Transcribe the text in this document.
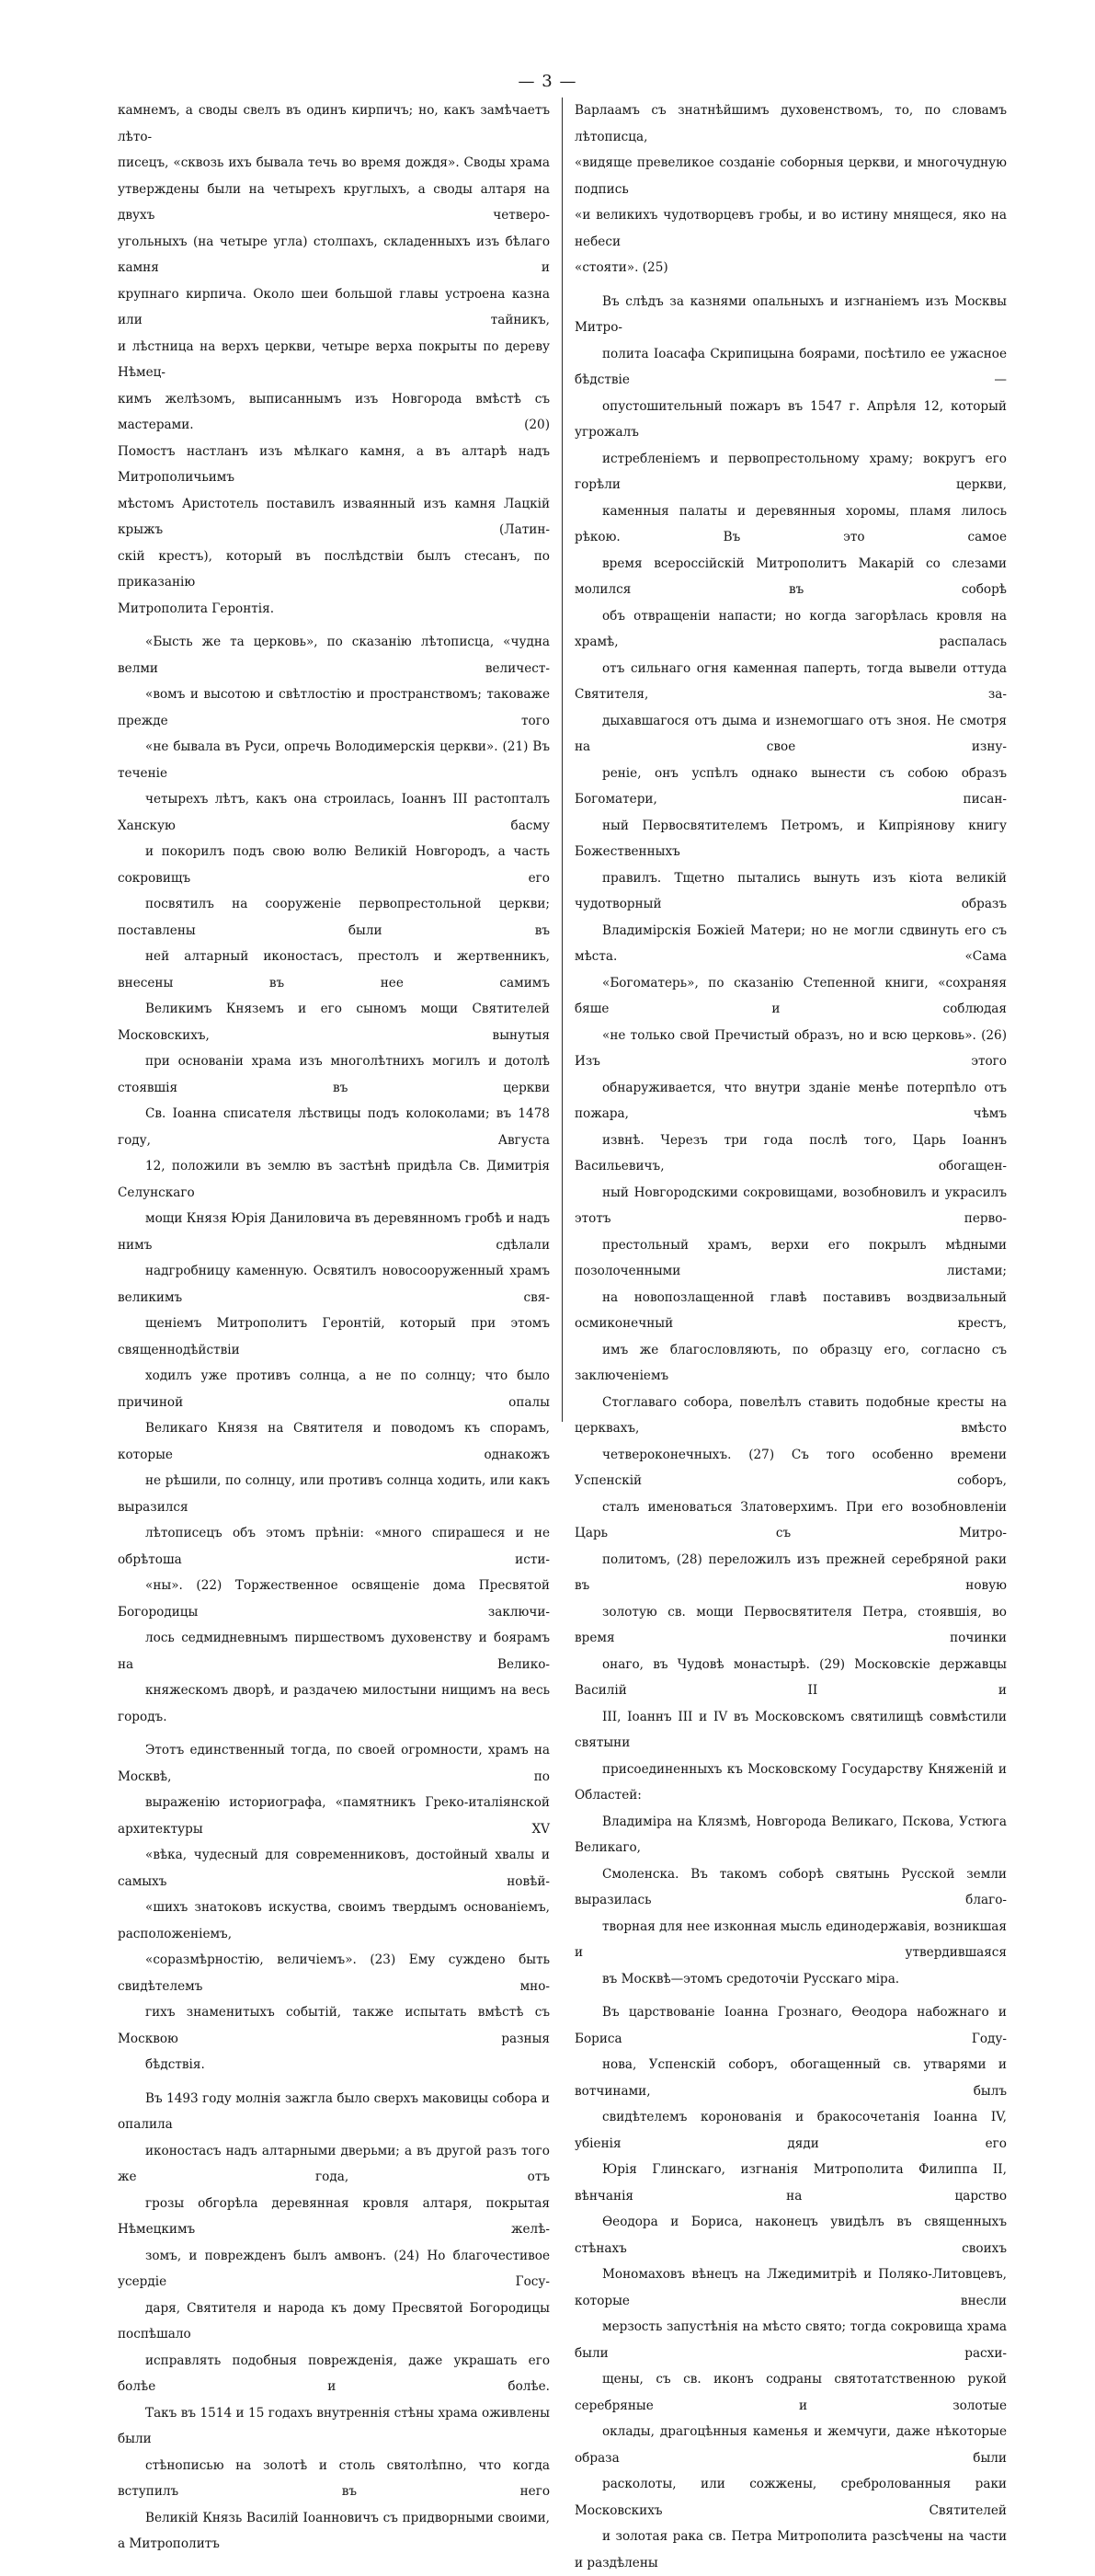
— 3 —

камнемъ, а своды свелъ въ одинъ кирпичъ; но, какъ замѣчаетъ лѣто-
писецъ, «сквозь ихъ бывала течь во время дождя». Своды храма
утверждены были на четырехъ круглыхъ, а своды алтаря на двухъ четверо-
угольныхъ (на четыре угла) столпахъ, складенныхъ изъ бѣлаго камня и
крупнаго кирпича. Около шеи большой главы устроена казна или тайникъ,
и лѣстница на верхъ церкви, четыре верха покрыты по дереву Нѣмец-
кимъ желѣзомъ, выписаннымъ изъ Новгорода вмѣстѣ съ мастерами. (20)
Помостъ настланъ изъ мѣлкаго камня, а въ алтарѣ надъ Митрополичьимъ
мѣстомъ Аристотель поставилъ изваянный изъ камня Лацкій крыжъ (Латин-
скій крестъ), который въ послѣдствіи былъ стесанъ, по приказанію
Митрополита Геронтія.

«Бысть же та церковь», по сказанію лѣтописца, «чудна велми величест-
«вомъ и высотою и свѣтлостію и пространствомъ; таковаже прежде того
«не бывала въ Руси, опречь Володимерскія церкви». (21) Въ теченіе
четырехъ лѣтъ, какъ она строилась, Іоаннъ III растопталъ Ханскую басму
и покорилъ подъ свою волю Великій Новгородъ, а часть сокровищъ его
посвятилъ на сооруженіе первопрестольной церкви; поставлены были въ
ней алтарный иконостасъ, престолъ и жертвенникъ, внесены въ нее самимъ
Великимъ Княземъ и его сыномъ мощи Святителей Московскихъ, вынутыя
при основаніи храма изъ многолѣтнихъ могилъ и дотолѣ стоявшія въ церкви
Св. Іоанна списателя лѣствицы подъ колоколами; въ 1478 году, Августа
12, положили въ землю въ застѣнѣ придѣла Св. Димитрія Селунскаго
мощи Князя Юрія Даниловича въ деревянномъ гробѣ и надъ нимъ сдѣлали
надгробницу каменную. Освятилъ новосооруженный храмъ великимъ свя-
щеніемъ Митрополитъ Геронтій, который при этомъ священнодѣйствіи
ходилъ уже противъ солнца, а не по солнцу; что было причиной опалы
Великаго Князя на Святителя и поводомъ къ спорамъ, которые однакожъ
не рѣшили, по солнцу, или противъ солнца ходить, или какъ выразился
лѣтописецъ объ этомъ прѣніи: «много спирашеся и не обрѣтоша исти-
«ны». (22) Торжественное освященіе дома Пресвятой Богородицы заключи-
лось седмидневнымъ пиршествомъ духовенству и боярамъ на Велико-
княжескомъ дворѣ, и раздачею милостыни нищимъ на весь городъ.

Этотъ единственный тогда, по своей огромности, храмъ на Москвѣ, по
выраженію историографа, «памятникъ Греко-италіянской архитектуры XV
«вѣка, чудесный для современниковъ, достойный хвалы и самыхъ новѣй-
«шихъ знатоковъ искуства, своимъ твердымъ основаніемъ, расположеніемъ,
«соразмѣрностію, величіемъ». (23) Ему суждено быть свидѣтелемъ мно-
гихъ знаменитыхъ событій, также испытать вмѣстѣ съ Москвою разныя
бѣдствія.

Въ 1493 году молнія зажгла было сверхъ маковицы собора и опалила
иконостасъ надъ алтарными дверьми; а въ другой разъ того же года, отъ
грозы обгорѣла деревянная кровля алтаря, покрытая Нѣмецкимъ желѣ-
зомъ, и поврежденъ былъ амвонъ. (24) Но благочестивое усердіе Госу-
даря, Святителя и народа къ дому Пресвятой Богородицы поспѣшало
исправлять подобныя поврежденія, даже украшать его болѣе и болѣе.
Такъ въ 1514 и 15 годахъ внутреннія стѣны храма оживлены были
стѣнописью на золотѣ и столь святолѣпно, что когда вступилъ въ него
Великій Князь Василій Іоанновичъ съ придворными своими, а Митрополитъ

Варлаамъ съ знатнѣйшимъ духовенствомъ, то, по словамъ лѣтописца,
«видяще превеликое созданіе соборныя церкви, и многочудную подпись
«и великихъ чудотворцевъ гробы, и во истину мнящеся, яко на небеси
«стояти». (25)

Въ слѣдъ за казнями опальныхъ и изгнаніемъ изъ Москвы Митро-
полита Іоасафа Скрипицына боярами, посѣтило ее ужасное бѣдствіе —
опустошительный пожаръ въ 1547 г. Апрѣля 12, который угрожалъ
истребленіемъ и первопрестольному храму; вокругъ его горѣли церкви,
каменныя палаты и деревянныя хоромы, пламя лилось рѣкою. Въ это самое
время всероссійскій Митрополитъ Макарій со слезами молился въ соборѣ
объ отвращеніи напасти; но когда загорѣлась кровля на храмѣ, распалась
отъ сильнаго огня каменная паперть, тогда вывели оттуда Святителя, за-
дыхавшагося отъ дыма и изнемогшаго отъ зноя. Не смотря на свое изну-
реніе, онъ успѣлъ однако вынести съ собою образъ Богоматери, писан-
ный Первосвятителемъ Петромъ, и Кипріянову книгу Божественныхъ
правилъ. Тщетно пытались вынуть изъ кіота великій чудотворный образъ
Владимірскія Божіей Матери; но не могли сдвинуть его съ мѣста. «Сама
«Богоматерь», по сказанію Степенной книги, «сохраняя бяше и соблюдая
«не только свой Пречистый образъ, но и всю церковь». (26) Изъ этого
обнаруживается, что внутри зданіе менѣе потерпѣло отъ пожара, чѣмъ
извнѣ. Черезъ три года послѣ того, Царь Іоаннъ Васильевичъ, обогащен-
ный Новгородскими сокровищами, возобновилъ и украсилъ этотъ перво-
престольный храмъ, верхи его покрылъ мѣдными позолоченными листами;
на новопозлащенной главѣ поставивъ воздвизальный осмиконечный крестъ,
имъ же благословляють, по образцу его, согласно съ заключеніемъ
Стоглаваго собора, повелѣлъ ставить подобные кресты на церквахъ, вмѣсто
четвероконечныхъ. (27) Съ того особенно времени Успенскій соборъ,
сталъ именоваться Златоверхимъ. При его возобновленіи Царь съ Митро-
политомъ, (28) переложилъ изъ прежней серебряной раки въ новую
золотую св. мощи Первосвятителя Петра, стоявшія, во время починки
онаго, въ Чудовѣ монастырѣ. (29) Московскіе державцы Василій II и
III, Іоаннъ III и IV въ Московскомъ святилищѣ совмѣстили святыни
присоединенныхъ къ Московскому Государству Княженій и Областей:
Владиміра на Клязмѣ, Новгорода Великаго, Пскова, Устюга Великаго,
Смоленска. Въ такомъ соборѣ святынь Русской земли выразилась благо-
творная для нее изконная мысль единодержавія, возникшая и утвердившаяся
въ Москвѣ—этомъ средоточіи Русскаго міра.

Въ царствованіе Іоанна Грознаго, Ѳеодора набожнаго и Бориса Году-
нова, Успенскій соборъ, обогащенный св. утварями и вотчинами, былъ
свидѣтелемъ коронованія и бракосочетанія Іоанна IV, убіенія дяди его
Юрія Глинскаго, изгнанія Митрополита Филиппа II, вѣнчанія на царство
Ѳеодора и Бориса, наконецъ увидѣлъ въ священныхъ стѣнахъ своихъ
Мономаховъ вѣнецъ на Лжедимитріѣ и Поляко-Литовцевъ, которые внесли
мерзость запустѣнія на мѣсто свято; тогда сокровища храма были расхи-
щены, съ св. иконъ содраны святотатственною рукой серебряные и золотые
оклады, драгоцѣнныя каменья и жемчуги, даже нѣкоторые образа были
расколоты, или сожжены, сребролованныя раки Московскихъ Святителей
и золотая рака св. Петра Митрополита разсѣчены на части и раздѣлены
